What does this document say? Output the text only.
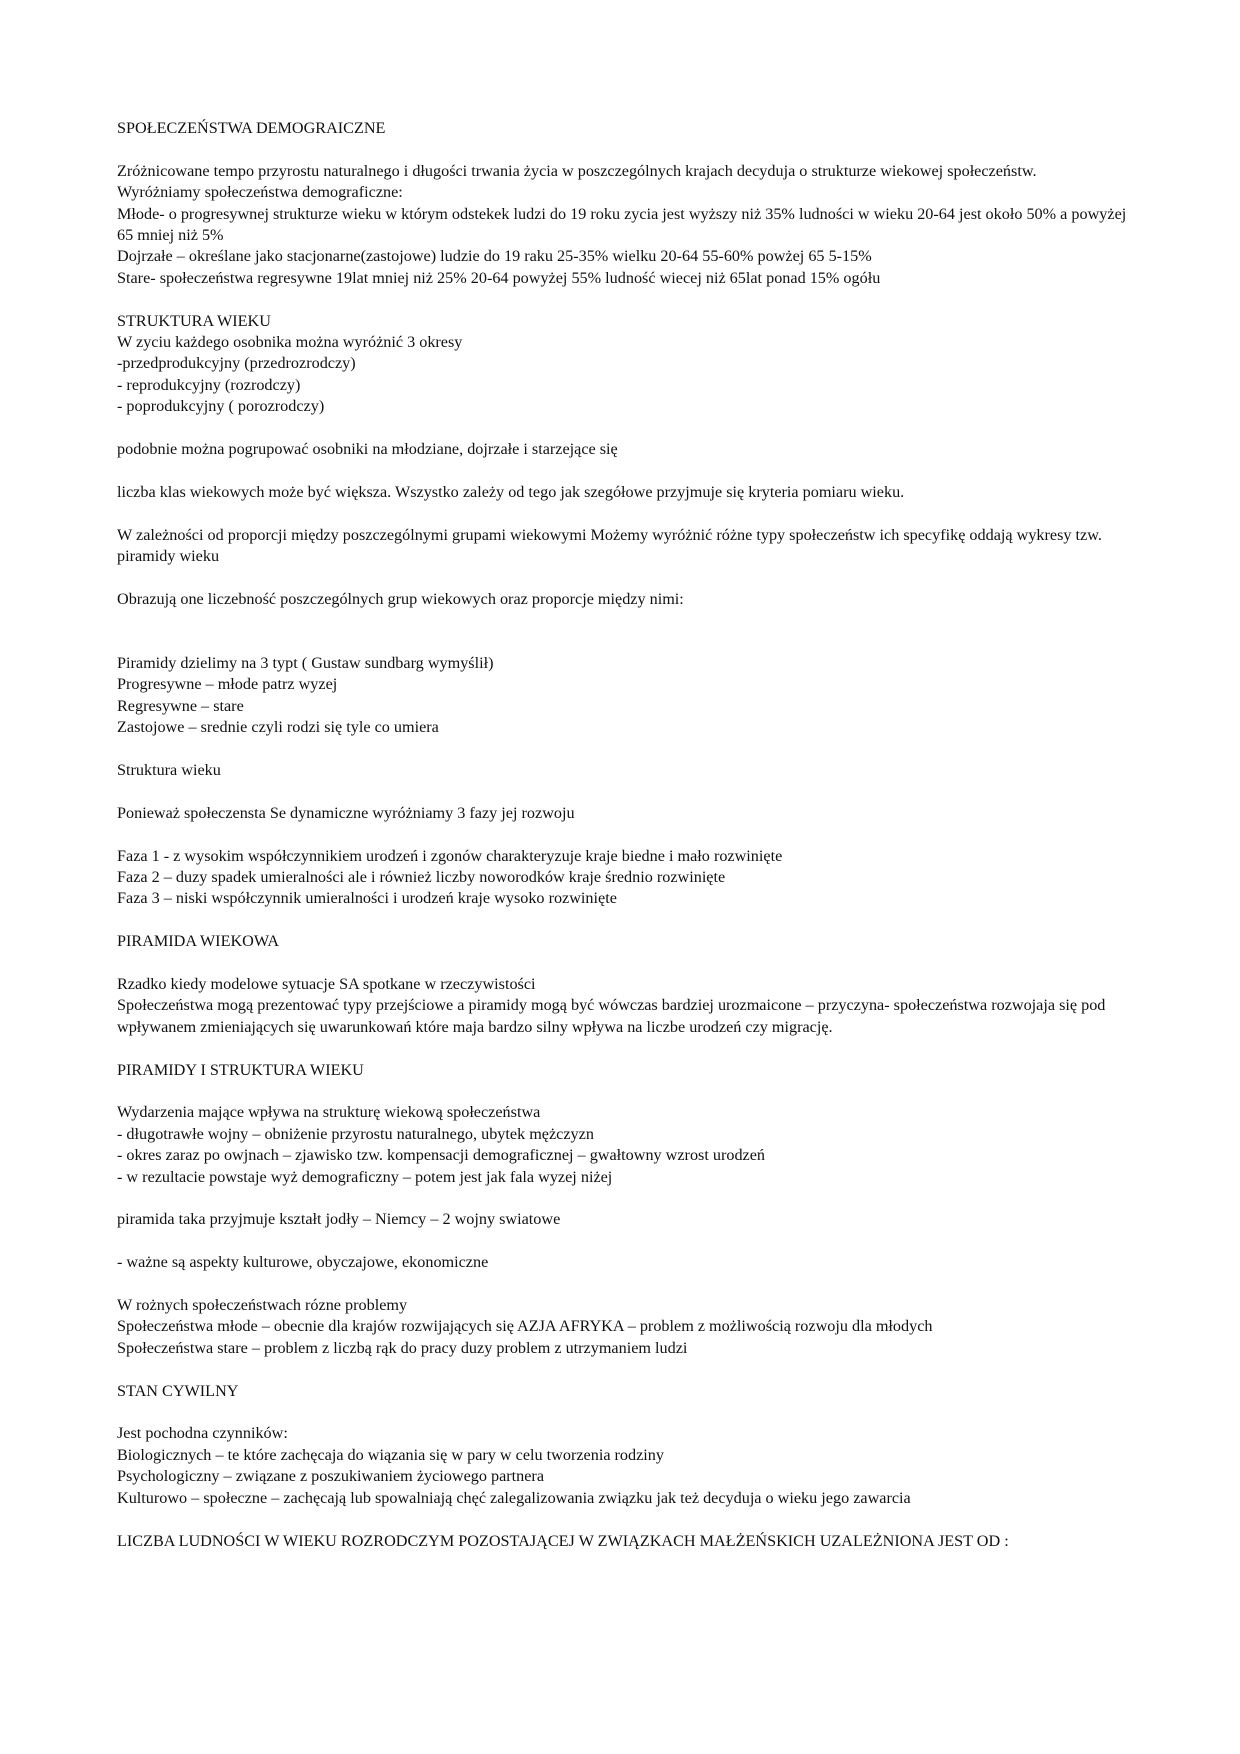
SPOŁECZEŃSTWA DEMOGRAICZNE
Zróżnicowane tempo przyrostu naturalnego i długości trwania życia w poszczególnych krajach decyduja o strukturze wiekowej społeczeństw.
Wyróżniamy społeczeństwa demograficzne:
Młode- o progresywnej strukturze wieku w którym odstekek ludzi do 19 roku zycia jest wyższy niż 35% ludności w wieku 20-64 jest około 50% a powyżej 65 mniej niż 5%
Dojrzałe – określane jako stacjonarne(zastojowe) ludzie do 19 raku 25-35% wielku 20-64 55-60% powżej 65 5-15%
Stare- społeczeństwa regresywne 19lat mniej niż 25% 20-64 powyżej 55% ludność wiecej niż 65lat ponad 15% ogółu
STRUKTURA WIEKU
W zyciu każdego osobnika można wyróżnić 3 okresy
-przedprodukcyjny (przedrozrodczy)
- reprodukcyjny (rozrodczy)
- poprodukcyjny ( porozrodczy)
podobnie można pogrupować osobniki na młodziane, dojrzałe i starzejące się
liczba klas wiekowych może być większa. Wszystko zależy od tego jak szegółowe przyjmuje się kryteria pomiaru wieku.
W zależności od proporcji między poszczególnymi grupami wiekowymi Możemy wyróżnić różne typy społeczeństw ich specyfikę oddają wykresy tzw. piramidy wieku
Obrazują one liczebność poszczególnych grup wiekowych oraz proporcje między nimi:
Piramidy dzielimy na 3 typt ( Gustaw sundbarg wymyślił)
Progresywne – młode patrz wyzej
Regresywne – stare
Zastojowe – srednie czyli rodzi się tyle co umiera
Struktura wieku
Ponieważ społeczensta Se dynamiczne wyróżniamy 3 fazy jej rozwoju
Faza 1 - z wysokim współczynnikiem urodzeń i zgonów charakteryzuje kraje biedne i mało rozwinięte
Faza 2 – duzy spadek umieralności ale i również liczby noworodków kraje średnio rozwinięte
Faza 3 – niski współczynnik umieralności i urodzeń kraje wysoko rozwinięte
PIRAMIDA WIEKOWA
Rzadko kiedy modelowe sytuacje SA spotkane w rzeczywistości
Społeczeństwa mogą prezentować typy przejściowe a piramidy mogą być wówczas bardziej urozmaicone – przyczyna- społeczeństwa rozwojaja się pod wpływanem zmieniających się uwarunkowań które maja bardzo silny wpływa na liczbe urodzeń czy migrację.
PIRAMIDY I STRUKTURA WIEKU
Wydarzenia mające wpływa na strukturę wiekową społeczeństwa
- długotrawłe wojny – obniżenie przyrostu naturalnego, ubytek mężczyzn
- okres zaraz po owjnach – zjawisko tzw. kompensacji demograficznej – gwałtowny wzrost urodzeń
- w rezultacie powstaje wyż demograficzny – potem jest jak fala wyzej niżej
piramida taka przyjmuje kształt jodły – Niemcy – 2 wojny swiatowe
- ważne są aspekty kulturowe, obyczajowe, ekonomiczne
W rożnych społeczeństwach rózne problemy
Społeczeństwa młode – obecnie dla krajów rozwijających się AZJA AFRYKA – problem z możliwością rozwoju dla młodych
Społeczeństwa stare – problem z liczbą rąk do pracy duzy problem z utrzymaniem ludzi
STAN CYWILNY
Jest pochodna czynników:
Biologicznych – te które zachęcaja do wiązania się w pary w celu tworzenia rodziny
Psychologiczny – związane z poszukiwaniem życiowego partnera
Kulturowo – społeczne – zachęcają lub spowalniają chęć zalegalizowania związku jak też decyduja o wieku jego zawarcia
LICZBA LUDNOŚCI W WIEKU ROZRODCZYM POZOSTAJĄCEJ W ZWIĄZKACH MAŁŻEŃSKICH UZALEŻNIONA JEST OD :
